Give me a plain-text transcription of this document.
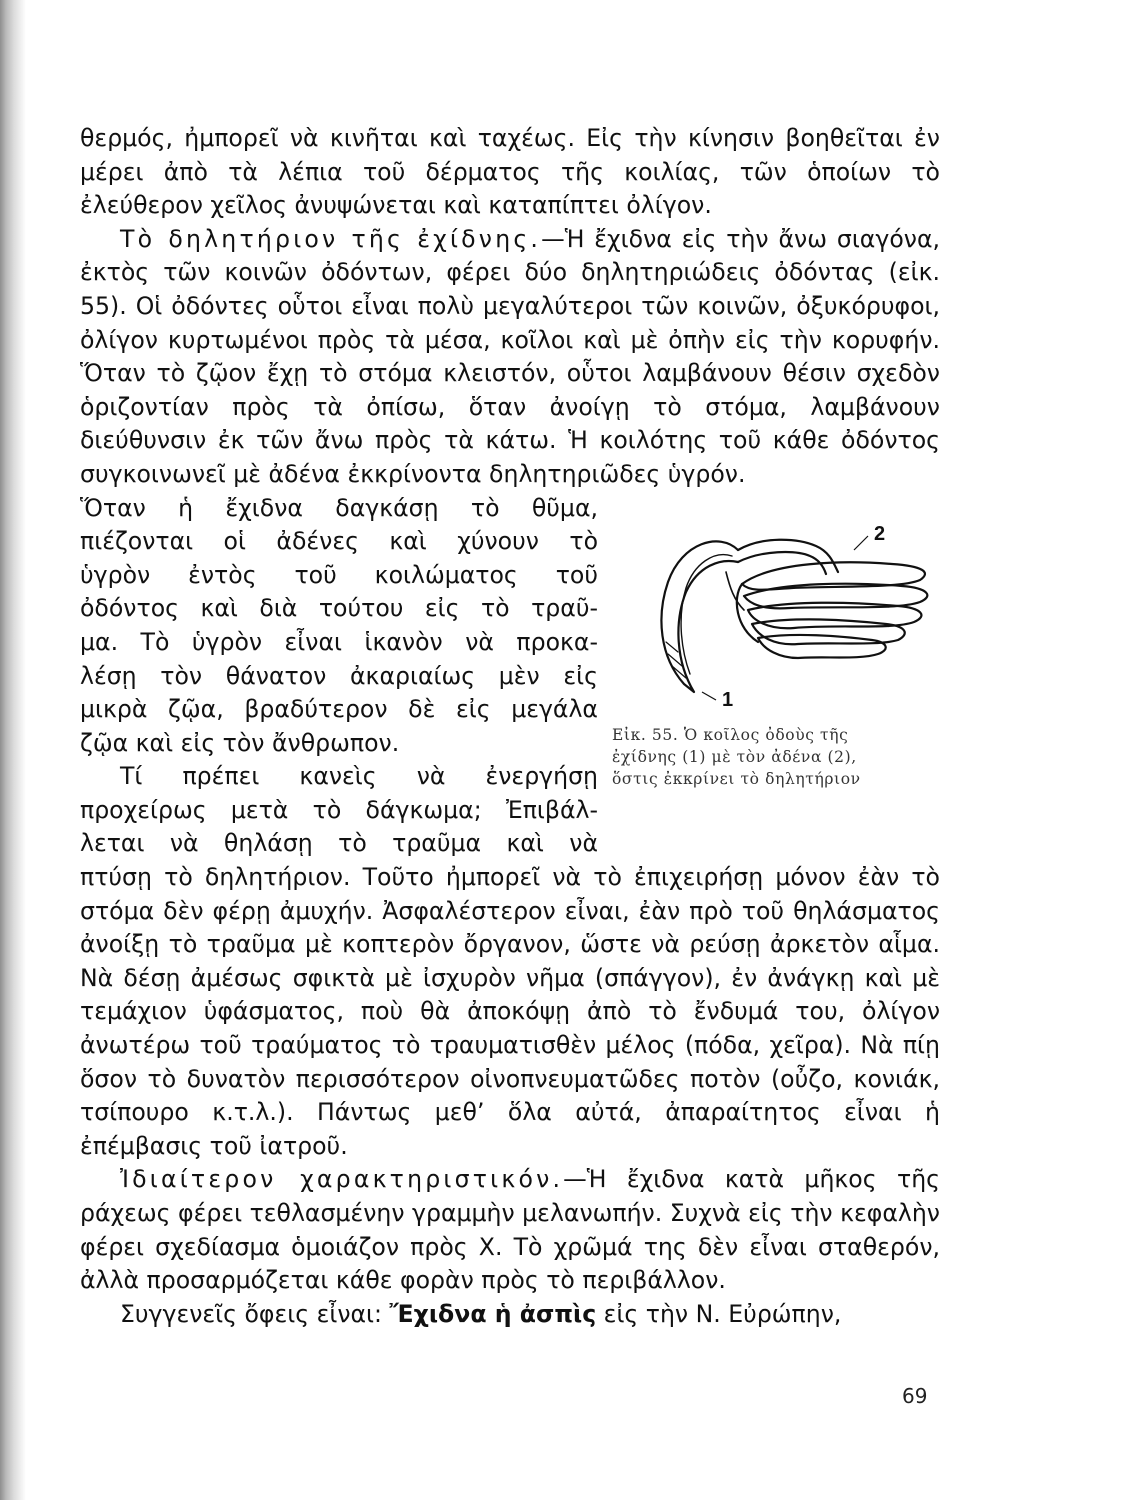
θερμός, ἠμπορεῖ νὰ κινῆται καὶ ταχέως. Εἰς τὴν κίνησιν βοηθεῖται ἐν μέρει ἀπὸ τὰ λέπια τοῦ δέρματος τῆς κοιλίας, τῶν ὁποίων τὸ ἐλεύθερον χεῖλος ἀνυψώνεται καὶ καταπίπτει ὀλίγον.

Τὸ δηλητήριον τῆς ἐχίδνης.—Ἡ ἔχιδνα εἰς τὴν ἄνω σιαγόνα, ἐκτὸς τῶν κοινῶν ὀδόντων, φέρει δύο δηλητηριώδεις ὀδόντας (εἰκ. 55). Οἱ ὀδόντες οὗτοι εἶναι πολὺ μεγαλύτεροι τῶν κοινῶν, ὀξυκόρυφοι, ὀλίγον κυρτωμένοι πρὸς τὰ μέσα, κοῖλοι καὶ μὲ ὀπὴν εἰς τὴν κορυφήν. Ὅταν τὸ ζῷον ἔχῃ τὸ στόμα κλειστόν, οὗτοι λαμβάνουν θέσιν σχεδὸν ὁριζοντίαν πρὸς τὰ ὀπίσω, ὅταν ἀνοίγῃ τὸ στόμα, λαμβάνουν διεύθυνσιν ἐκ τῶν ἄνω πρὸς τὰ κάτω. Ἡ κοιλότης τοῦ κάθε ὀδόντος συγκοινωνεῖ μὲ ἀδένα ἐκκρίνοντα δηλητηριῶδες ὑγρόν.

Ὅταν ἡ ἔχιδνα δαγκάσῃ τὸ θῦμα,
πιέζονται οἱ ἀδένες καὶ χύνουν τὸ
ὑγρὸν ἐντὸς τοῦ κοιλώματος τοῦ
ὀδόντος καὶ διὰ τούτου εἰς τὸ τραῦ-
μα. Τὸ ὑγρὸν εἶναι ἱκανὸν νὰ προκα-
λέσῃ τὸν θάνατον ἀκαριαίως μὲν εἰς
μικρὰ ζῷα, βραδύτερον δὲ εἰς μεγάλα
ζῷα καὶ εἰς τὸν ἄνθρωπον.
Τί πρέπει κανεὶς νὰ ἐνεργήσῃ
προχείρως μετὰ τὸ δάγκωμα; Ἐπιβάλ-
λεται νὰ θηλάσῃ τὸ τραῦμα καὶ νὰ
2
1
Εἰκ. 55. Ὁ κοῖλος ὀδοὺς τῆς
ἐχίδνης (1) μὲ τὸν ἀδένα (2),
ὅστις ἐκκρίνει τὸ δηλητήριον

πτύσῃ τὸ δηλητήριον. Τοῦτο ἠμπορεῖ νὰ τὸ ἐπιχειρήσῃ μόνον ἐὰν τὸ στόμα δὲν φέρῃ ἀμυχήν. Ἀσφαλέστερον εἶναι, ἐὰν πρὸ τοῦ θηλάσματος ἀνοίξῃ τὸ τραῦμα μὲ κοπτερὸν ὄργανον, ὥστε νὰ ρεύσῃ ἀρκετὸν αἷμα. Νὰ δέσῃ ἀμέσως σφικτὰ μὲ ἰσχυρὸν νῆμα (σπάγγον), ἐν ἀνάγκῃ καὶ μὲ τεμάχιον ὑφάσματος, ποὺ θὰ ἀποκόψῃ ἀπὸ τὸ ἔνδυμά του, ὀλίγον ἀνωτέρω τοῦ τραύματος τὸ τραυματισθὲν μέλος (πόδα, χεῖρα). Νὰ πίῃ ὅσον τὸ δυνατὸν περισσότερον οἰνοπνευματῶδες ποτὸν (οὖζο, κονιάκ, τσίπουρο κ.τ.λ.). Πάντως μεθ’ ὅλα αὐτά, ἀπαραίτητος εἶναι ἡ ἐπέμβασις τοῦ ἰατροῦ.

Ἰδιαίτερον χαρακτηριστικόν.—Ἡ ἔχιδνα κατὰ μῆκος τῆς ράχεως φέρει τεθλασμένην γραμμὴν μελανωπήν. Συχνὰ εἰς τὴν κεφαλὴν φέρει σχεδίασμα ὁμοιάζον πρὸς Χ. Τὸ χρῶμά της δὲν εἶναι σταθερόν, ἀλλὰ προσαρμόζεται κάθε φορὰν πρὸς τὸ περιβάλλον.

Συγγενεῖς ὄφεις εἶναι: Ἔχιδνα ἡ ἀσπὶς εἰς τὴν Ν. Εὐρώπην,

69
